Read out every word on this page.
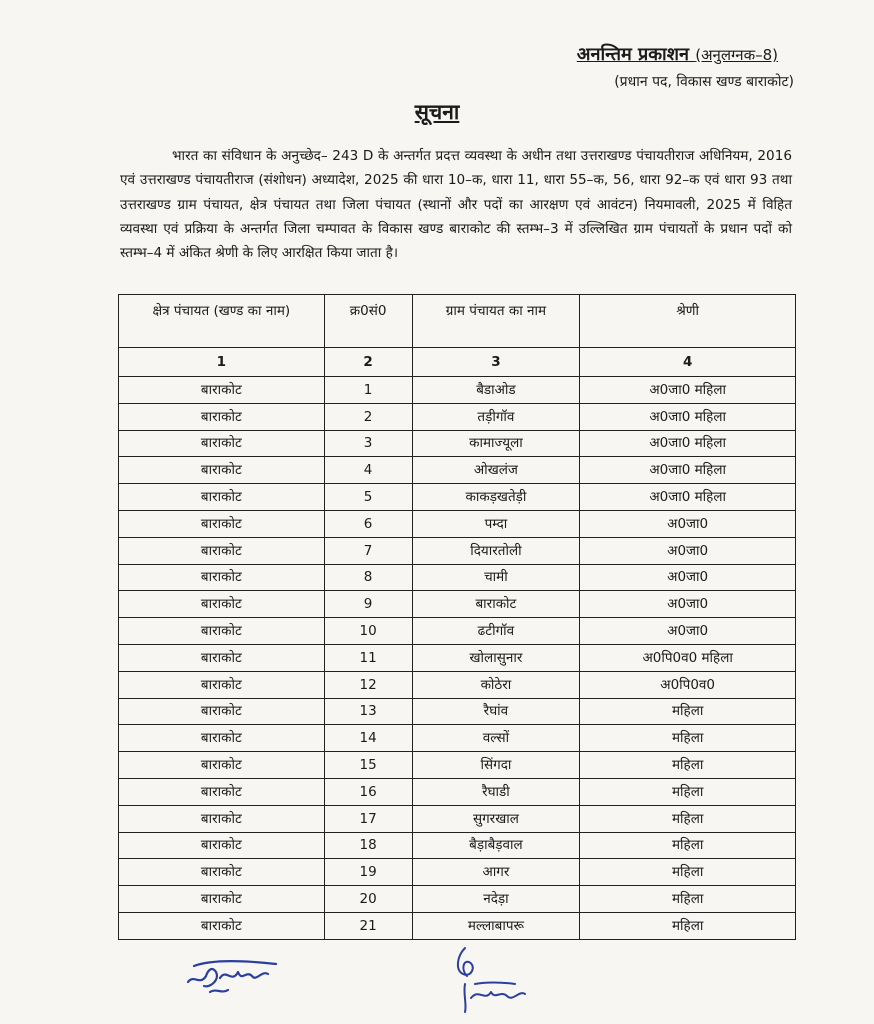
अनन्तिम प्रकाशन (अनुलग्नक–8)
(प्रधान पद, विकास खण्ड बाराकोट)
सूचना
भारत का संविधान के अनुच्छेद– 243 D के अन्तर्गत प्रदत्त व्यवस्था के अधीन तथा उत्तराखण्ड पंचायतीराज अधिनियम, 2016 एवं उत्तराखण्ड पंचायतीराज (संशोधन) अध्यादेश, 2025 की धारा 10–क, धारा 11, धारा 55–क, 56, धारा 92–क एवं धारा 93 तथा उत्तराखण्ड ग्राम पंचायत, क्षेत्र पंचायत तथा जिला पंचायत (स्थानों और पदों का आरक्षण एवं आवंटन) नियमावली, 2025 में विहित व्यवस्था एवं प्रक्रिया के अन्तर्गत जिला चम्पावत के विकास खण्ड बाराकोट की स्तम्भ–3 में उल्लिखित ग्राम पंचायतों के प्रधान पदों को स्तम्भ–4 में अंकित श्रेणी के लिए आरक्षित किया जाता है।
क्षेत्र पंचायत (खण्ड का नाम)	क्र0सं0	ग्राम पंचायत का नाम	श्रेणी
1	2	3	4
बाराकोट	1	बैडाओड	अ0जा0 महिला
बाराकोट	2	तड़ीगॉव	अ0जा0 महिला
बाराकोट	3	कामाज्यूला	अ0जा0 महिला
बाराकोट	4	ओखलंज	अ0जा0 महिला
बाराकोट	5	काकड़खतेड़ी	अ0जा0 महिला
बाराकोट	6	पम्दा	अ0जा0
बाराकोट	7	दियारतोली	अ0जा0
बाराकोट	8	चामी	अ0जा0
बाराकोट	9	बाराकोट	अ0जा0
बाराकोट	10	ढटीगॉव	अ0जा0
बाराकोट	11	खोलासुनार	अ0पि0व0 महिला
बाराकोट	12	कोठेरा	अ0पि0व0
बाराकोट	13	रैघांव	महिला
बाराकोट	14	वल्सों	महिला
बाराकोट	15	सिंगदा	महिला
बाराकोट	16	रैघाडी	महिला
बाराकोट	17	सुगरखाल	महिला
बाराकोट	18	बैड़ाबैड़वाल	महिला
बाराकोट	19	आगर	महिला
बाराकोट	20	नदेड़ा	महिला
बाराकोट	21	मल्लाबापरू	महिला
